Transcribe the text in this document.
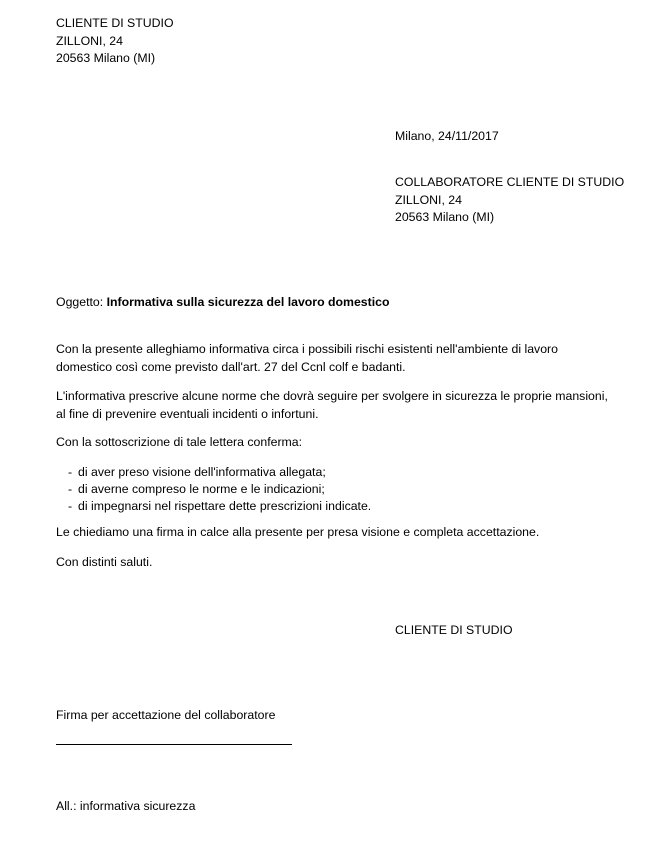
CLIENTE DI STUDIO
ZILLONI, 24
20563 Milano (MI)
Milano, 24/11/2017
COLLABORATORE CLIENTE DI STUDIO
ZILLONI, 24
20563 Milano (MI)
Oggetto: Informativa sulla sicurezza del lavoro domestico
Con la presente alleghiamo informativa circa i possibili rischi esistenti nell'ambiente di lavoro domestico così come previsto dall'art. 27 del Ccnl colf e badanti.
L'informativa prescrive alcune norme che dovrà seguire per svolgere in sicurezza le proprie mansioni, al fine di prevenire eventuali incidenti o infortuni.
Con la sottoscrizione di tale lettera conferma:
- di aver preso visione dell'informativa allegata;
- di averne compreso le norme e le indicazioni;
- di impegnarsi nel rispettare dette prescrizioni indicate.
Le chiediamo una firma in calce alla presente per presa visione e completa accettazione.
Con distinti saluti.
CLIENTE DI STUDIO
Firma per accettazione del collaboratore
All.: informativa sicurezza
